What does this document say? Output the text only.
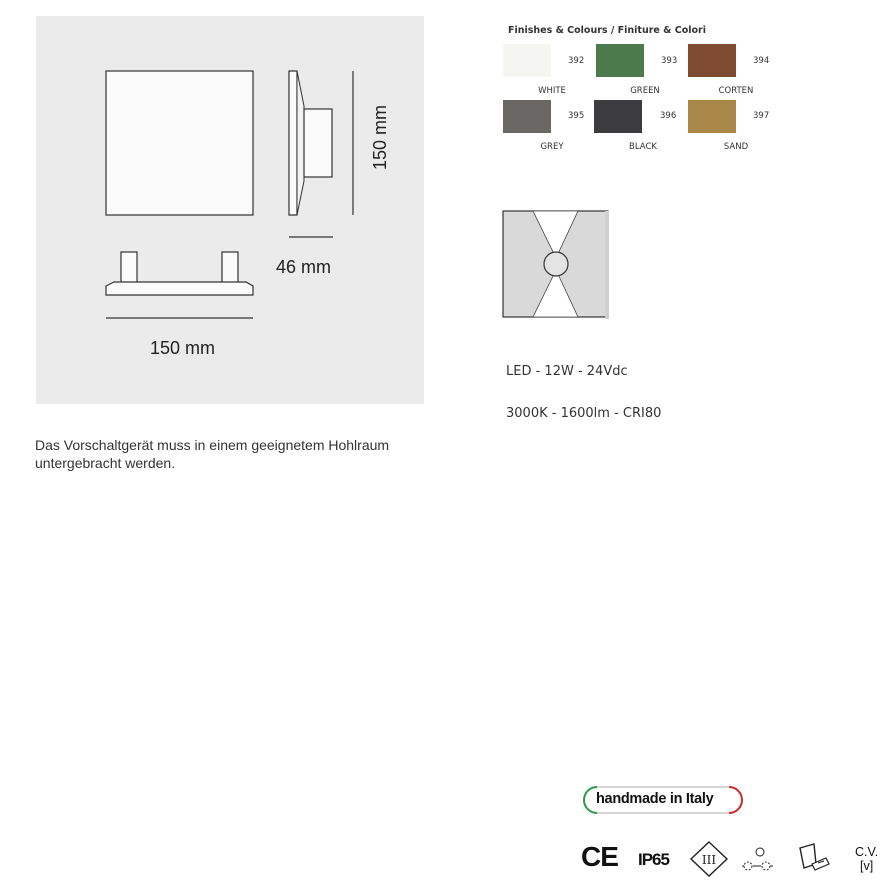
150 mm
46 mm
150 mm
Das Vorschaltgerät muss in einem geeignetem Hohlraum untergebracht werden.
Finishes & Colours / Finiture & Colori
392
WHITE
393
GREEN
394
CORTEN
395
GREY
396
BLACK
397
SAND
LED - 12W - 24Vdc
3000K - 1600lm - CRI80
handmade in Italy
CE IP65	III
C.V.
[v]
